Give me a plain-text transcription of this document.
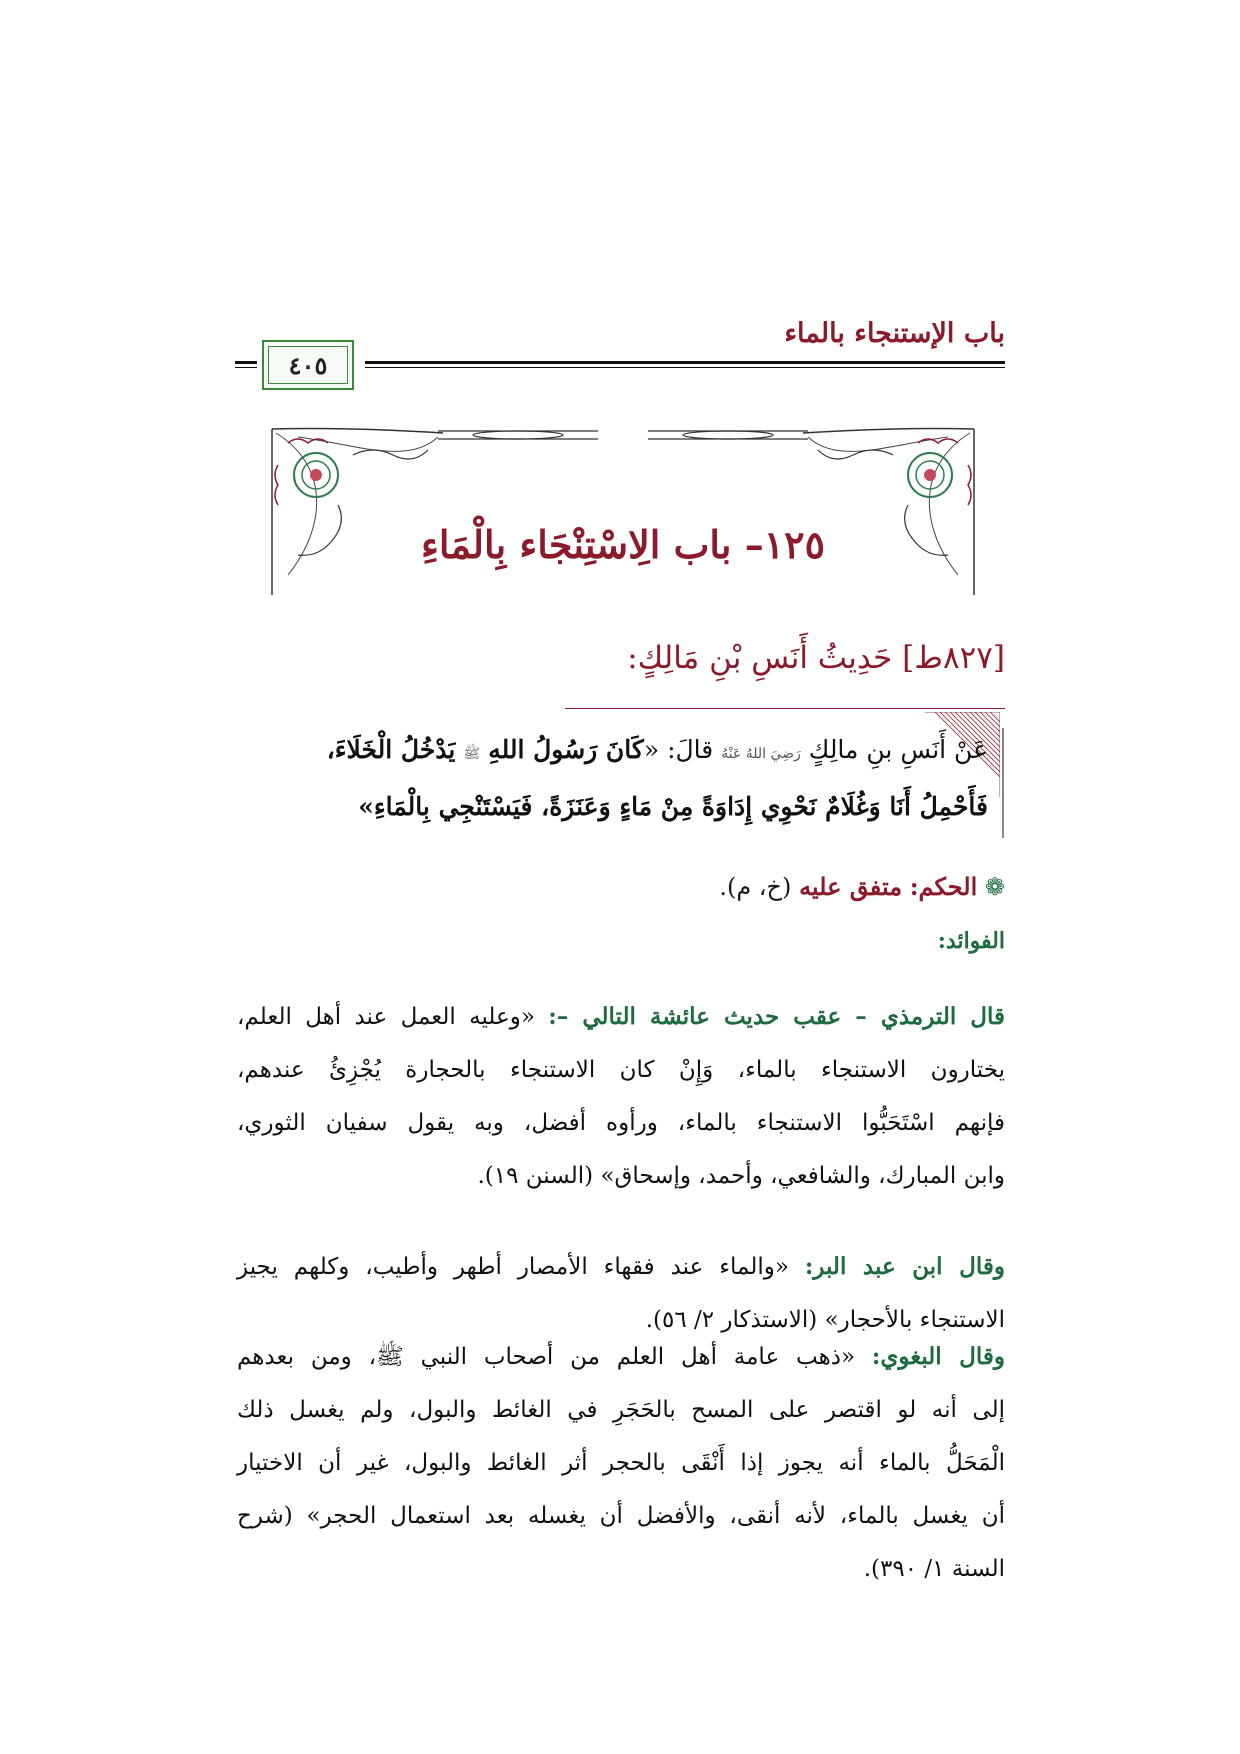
باب الإستنجاء بالماء
٤٠٥
١٢٥– باب الِاسْتِنْجَاء بِالْمَاءِ
[٨٢٧ط] حَدِيثُ أَنَسِ بْنِ مَالِكٍ:
عَنْ أَنَسِ بنِ مالِكٍ رَضِيَ اللهُ عَنْهُ قالَ: «كَانَ رَسُولُ اللهِ ﷺ يَدْخُلُ الْخَلَاءَ،
فَأَحْمِلُ أَنَا وَغُلَامٌ نَحْوِي إِدَاوَةً مِنْ مَاءٍ وَعَنَزَةً، فَيَسْتَنْجِي بِالْمَاءِ»
❁ الحكم: متفق عليه (خ، م).
الفوائد:
قال الترمذي – عقب حديث عائشة التالي –: «وعليه العمل عند أهل العلم،
يختارون الاستنجاء بالماء، وَإِنْ كان الاستنجاء بالحجارة يُجْزِئُ عندهم،
فإنهم اسْتَحَبُّوا الاستنجاء بالماء، ورأوه أفضل، وبه يقول سفيان الثوري،
وابن المبارك، والشافعي، وأحمد، وإسحاق» (السنن ١٩).
وقال ابن عبد البر: «والماء عند فقهاء الأمصار أطهر وأطيب، وكلهم يجيز
الاستنجاء بالأحجار» (الاستذكار ٢/ ٥٦).
وقال البغوي: «ذهب عامة أهل العلم من أصحاب النبي ﷺ، ومن بعدهم
إلى أنه لو اقتصر على المسح بالحَجَرِ في الغائط والبول، ولم يغسل ذلك
الْمَحَلُّ بالماء أنه يجوز إذا أَنْقَى بالحجر أثر الغائط والبول، غير أن الاختيار
أن يغسل بالماء، لأنه أنقى، والأفضل أن يغسله بعد استعمال الحجر» (شرح
السنة ١/ ٣٩٠).
